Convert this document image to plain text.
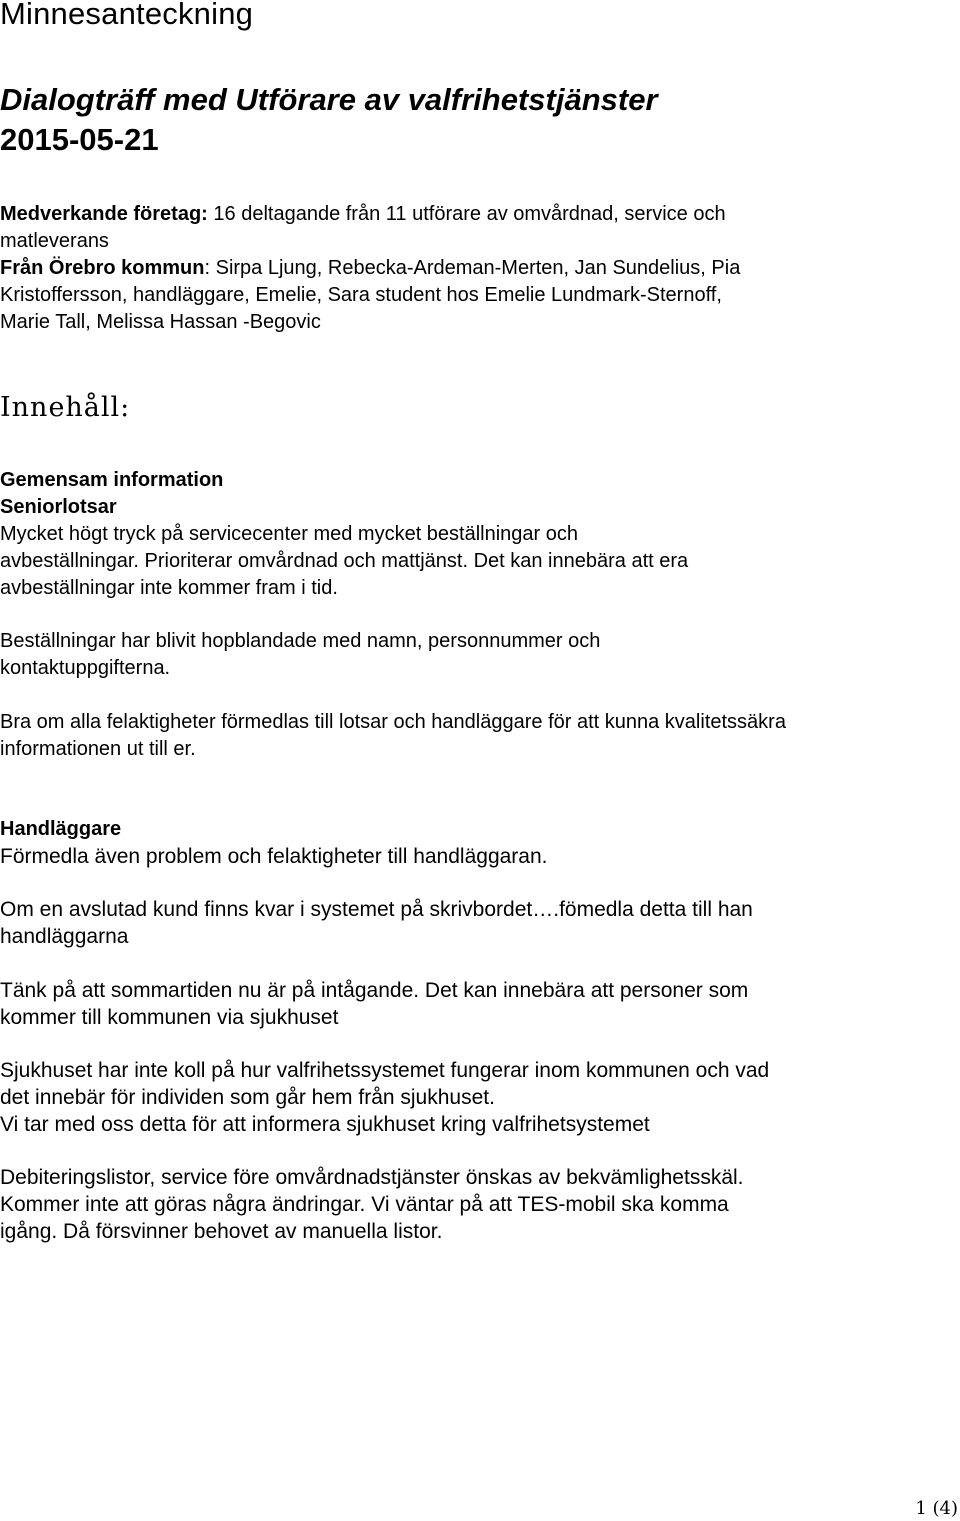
Minnesanteckning
Dialogträff med Utförare av valfrihetstjänster
2015-05-21

Medverkande företag: 16 deltagande från 11 utförare av omvårdnad, service och matleverans
Från Örebro kommun: Sirpa Ljung, Rebecka-Ardeman-Merten, Jan Sundelius, Pia Kristoffersson, handläggare, Emelie, Sara student hos Emelie Lundmark-Sternoff, Marie Tall, Melissa Hassan -Begovic

Innehåll:

Gemensam information

Seniorlotsar

Mycket högt tryck på servicecenter med mycket beställningar och avbeställningar. Prioriterar omvårdnad och mattjänst. Det kan innebära att era avbeställningar inte kommer fram i tid.

Beställningar har blivit hopblandade med namn, personnummer och kontaktuppgifterna.

Bra om alla felaktigheter förmedlas till lotsar och handläggare för att kunna kvalitetssäkra informationen ut till er.

Handläggare

Förmedla även problem och felaktigheter till handläggaran.

Om en avslutad kund finns kvar i systemet på skrivbordet….fömedla detta till han handläggarna

Tänk på att sommartiden nu är på intågande. Det kan innebära att personer som kommer till kommunen via sjukhuset

Sjukhuset har inte koll på hur valfrihetssystemet fungerar inom kommunen och vad det innebär för individen som går hem från sjukhuset.

Vi tar med oss detta för att informera sjukhuset kring valfrihetsystemet

Debiteringslistor, service före omvårdnadstjänster önskas av bekvämlighetsskäl. Kommer inte att göras några ändringar. Vi väntar på att TES-mobil ska komma igång. Då försvinner behovet av manuella listor.

1 (4)
